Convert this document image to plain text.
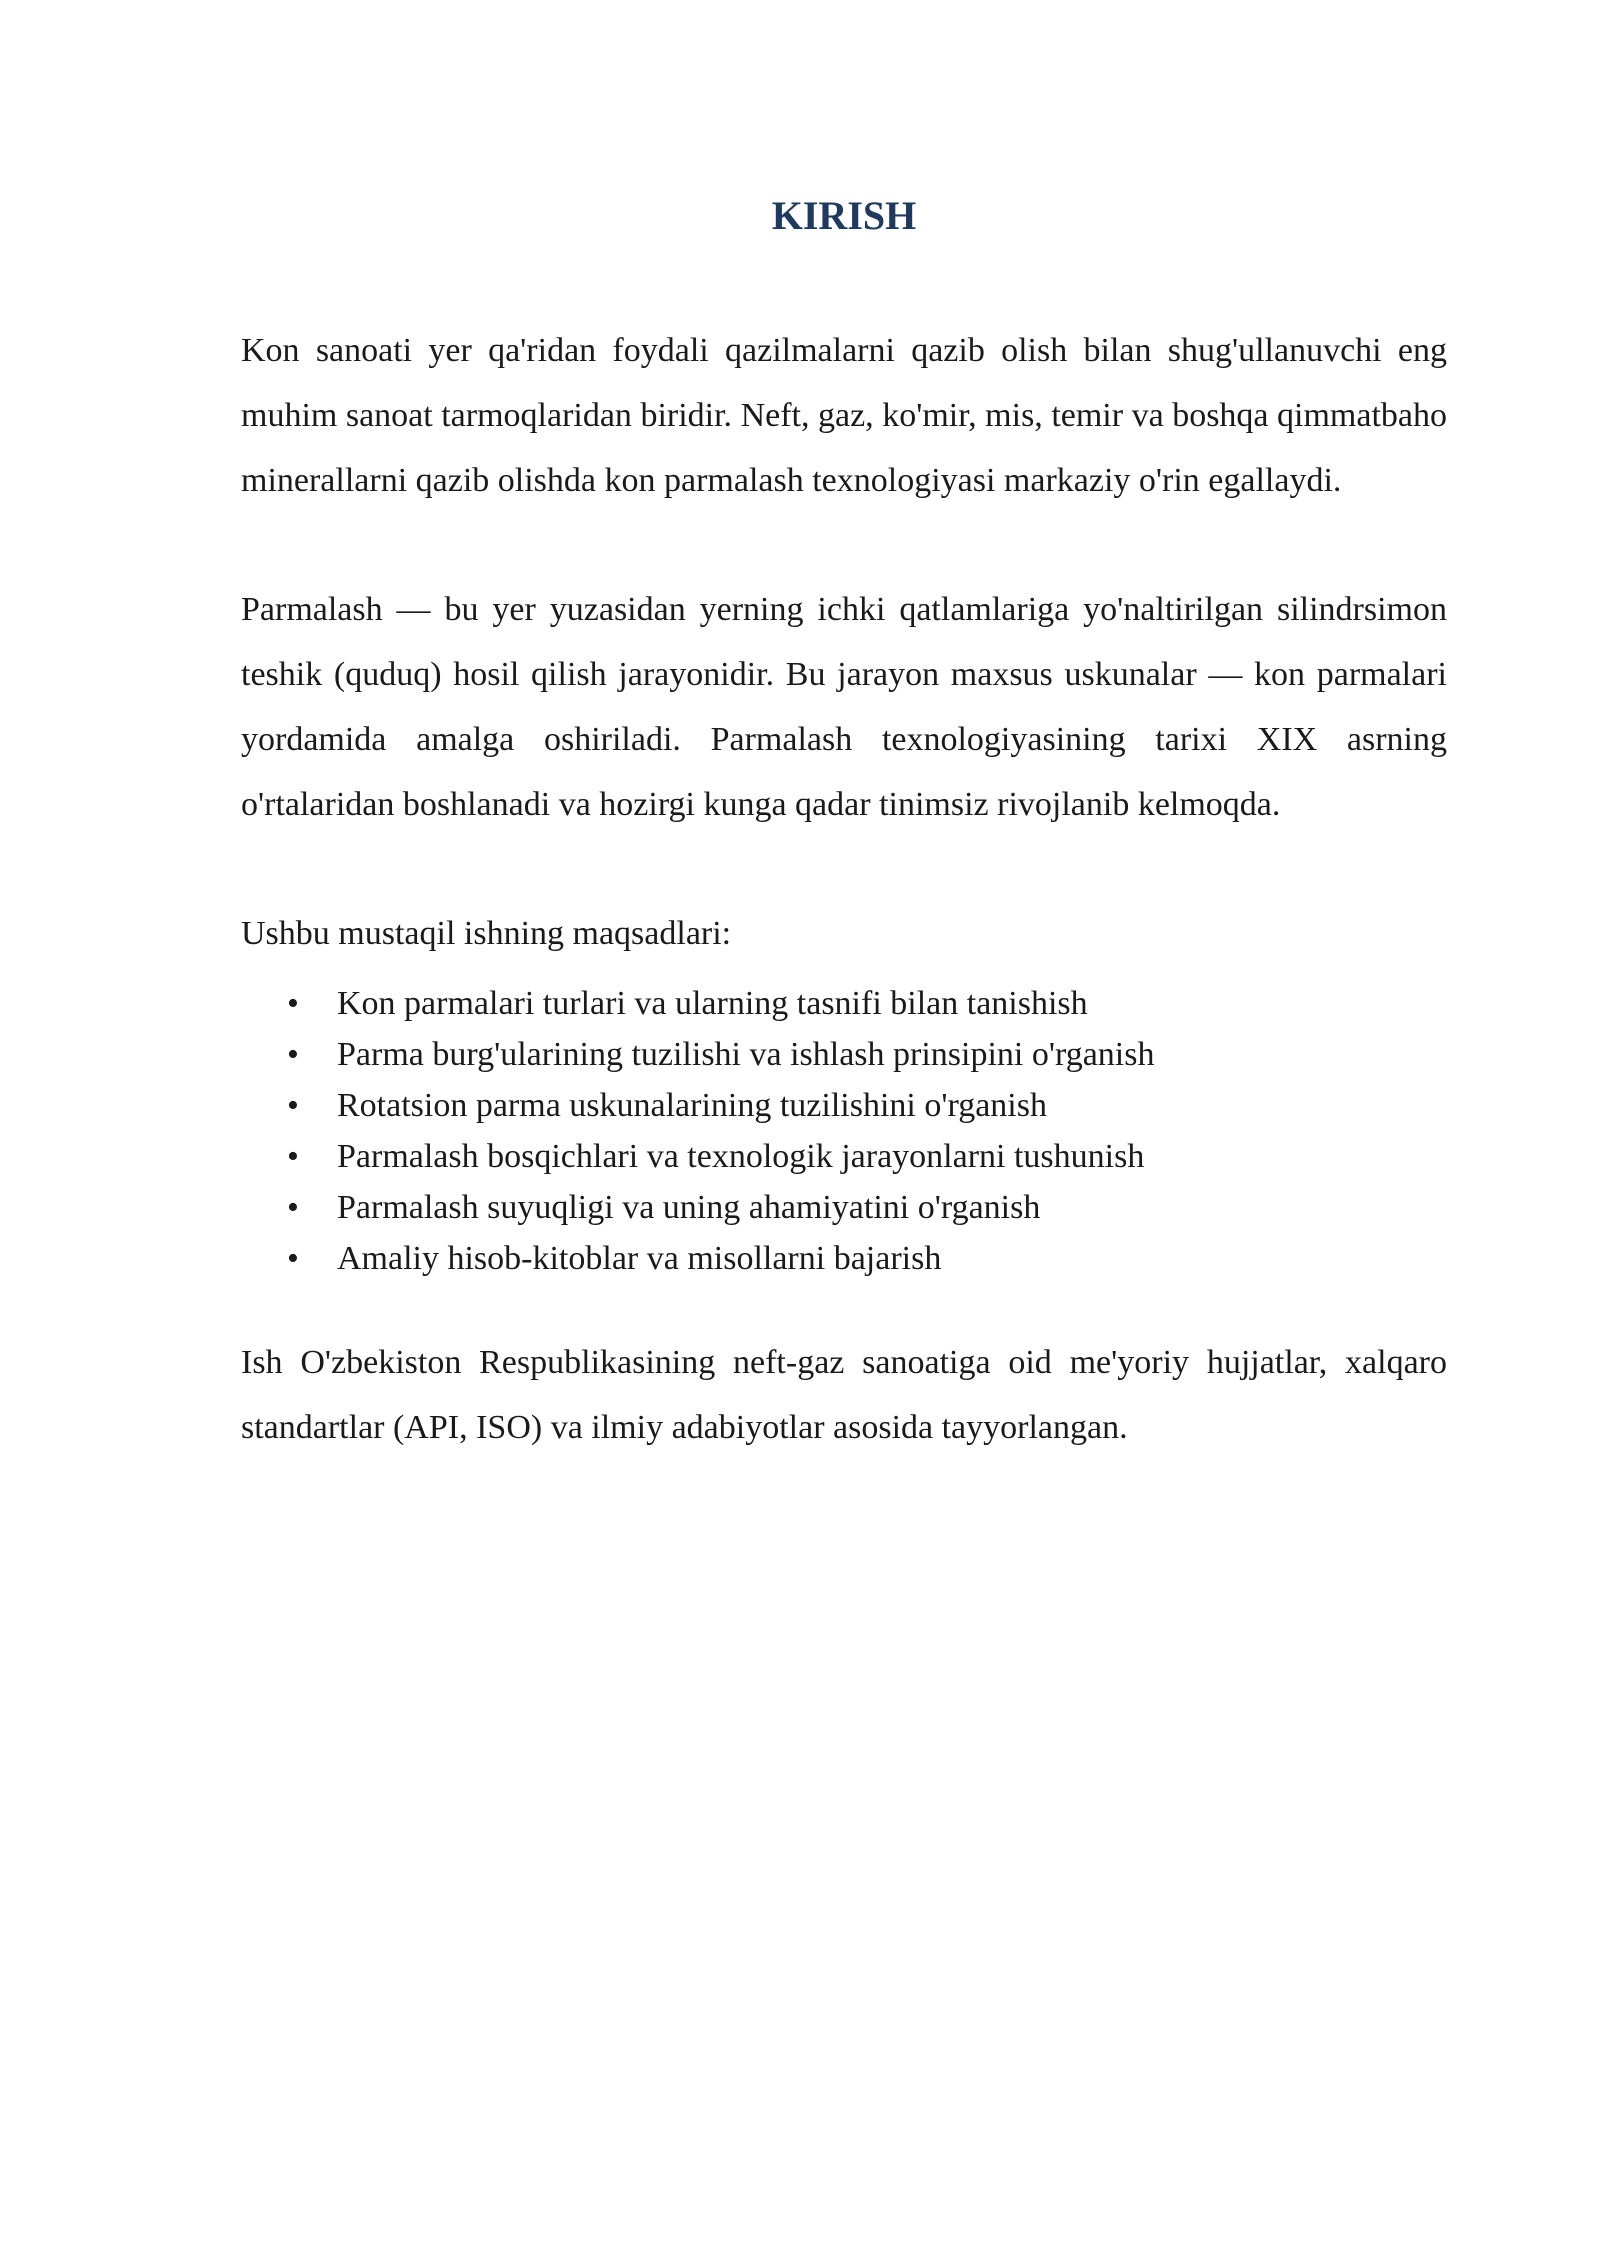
KIRISH

Kon sanoati yer qa'ridan foydali qazilmalarni qazib olish bilan shug'ullanuvchi eng muhim sanoat tarmoqlaridan biridir. Neft, gaz, ko'mir, mis, temir va boshqa qimmatbaho minerallarni qazib olishda kon parmalash texnologiyasi markaziy o'rin egallaydi.

Parmalash — bu yer yuzasidan yerning ichki qatlamlariga yo'naltirilgan silindrsimon teshik (quduq) hosil qilish jarayonidir. Bu jarayon maxsus uskunalar — kon parmalari yordamida amalga oshiriladi. Parmalash texnologiyasining tarixi XIX asrning o'rtalaridan boshlanadi va hozirgi kunga qadar tinimsiz rivojlanib kelmoqda.

Ushbu mustaqil ishning maqsadlari:

• Kon parmalari turlari va ularning tasnifi bilan tanishish
• Parma burg'ularining tuzilishi va ishlash prinsipini o'rganish
• Rotatsion parma uskunalarining tuzilishini o'rganish
• Parmalash bosqichlari va texnologik jarayonlarni tushunish
• Parmalash suyuqligi va uning ahamiyatini o'rganish
• Amaliy hisob-kitoblar va misollarni bajarish

Ish O'zbekiston Respublikasining neft-gaz sanoatiga oid me'yoriy hujjatlar, xalqaro standartlar (API, ISO) va ilmiy adabiyotlar asosida tayyorlangan.
